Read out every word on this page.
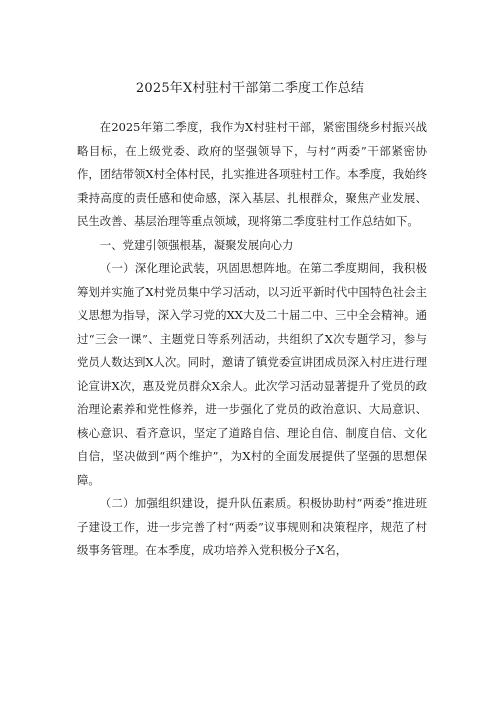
2025年X村驻村干部第二季度工作总结

在2025年第二季度，我作为X村驻村干部，紧密围绕乡村振兴战略目标，在上级党委、政府的坚强领导下，与村“两委”干部紧密协作，团结带领X村全体村民，扎实推进各项驻村工作。本季度，我始终秉持高度的责任感和使命感，深入基层、扎根群众，聚焦产业发展、民生改善、基层治理等重点领域，现将第二季度驻村工作总结如下。

一、党建引领强根基，凝聚发展向心力

（一）深化理论武装，巩固思想阵地。在第二季度期间，我积极筹划并实施了X村党员集中学习活动，以习近平新时代中国特色社会主义思想为指导，深入学习党的XX大及二十届二中、三中全会精神。通过“三会一课”、主题党日等系列活动，共组织了X次专题学习，参与党员人数达到X人次。同时，邀请了镇党委宣讲团成员深入村庄进行理论宣讲X次，惠及党员群众X余人。此次学习活动显著提升了党员的政治理论素养和党性修养，进一步强化了党员的政治意识、大局意识、核心意识、看齐意识，坚定了道路自信、理论自信、制度自信、文化自信，坚决做到“两个维护”，为X村的全面发展提供了坚强的思想保障。

（二）加强组织建设，提升队伍素质。积极协助村”两委”推进班子建设工作，进一步完善了村“两委”议事规则和决策程序，规范了村级事务管理。在本季度，成功培养入党积极分子X名，
